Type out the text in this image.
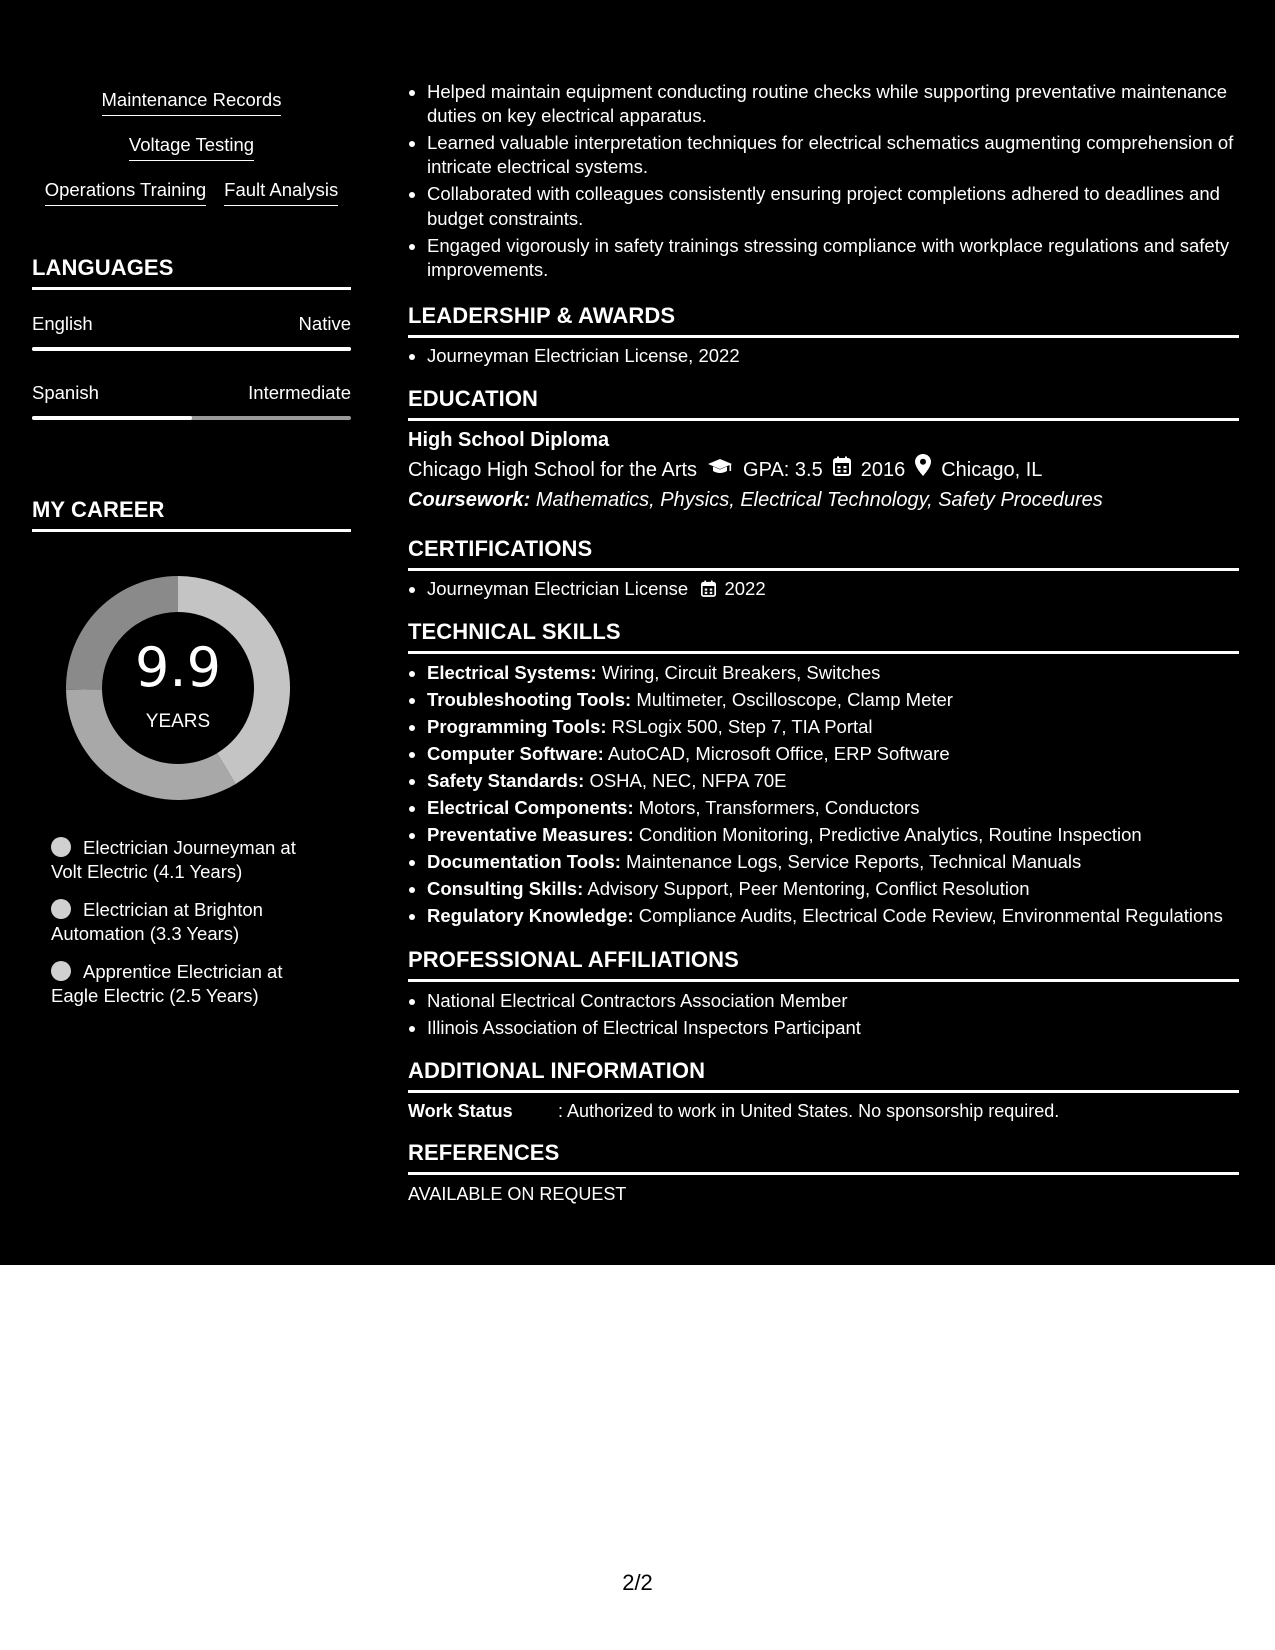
Maintenance Records
Voltage Testing
Operations Training Fault Analysis
LANGUAGES
English	Native
Spanish	Intermediate
MY CAREER
9.9
YEARS
Electrician Journeyman at Volt Electric (4.1 Years)
Electrician at Brighton Automation (3.3 Years)
Apprentice Electrician at Eagle Electric (2.5 Years)
Helped maintain equipment conducting routine checks while supporting preventative maintenance duties on key electrical apparatus.
Learned valuable interpretation techniques for electrical schematics augmenting comprehension of intricate electrical systems.
Collaborated with colleagues consistently ensuring project completions adhered to deadlines and budget constraints.
Engaged vigorously in safety trainings stressing compliance with workplace regulations and safety improvements.
LEADERSHIP & AWARDS
Journeyman Electrician License, 2022
EDUCATION
High School Diploma
Chicago High School for the Arts GPA: 3.5 2016 Chicago, IL
Coursework: Mathematics, Physics, Electrical Technology, Safety Procedures
CERTIFICATIONS
Journeyman Electrician License 2022
TECHNICAL SKILLS
Electrical Systems: Wiring, Circuit Breakers, Switches
Troubleshooting Tools: Multimeter, Oscilloscope, Clamp Meter
Programming Tools: RSLogix 500, Step 7, TIA Portal
Computer Software: AutoCAD, Microsoft Office, ERP Software
Safety Standards: OSHA, NEC, NFPA 70E
Electrical Components: Motors, Transformers, Conductors
Preventative Measures: Condition Monitoring, Predictive Analytics, Routine Inspection
Documentation Tools: Maintenance Logs, Service Reports, Technical Manuals
Consulting Skills: Advisory Support, Peer Mentoring, Conflict Resolution
Regulatory Knowledge: Compliance Audits, Electrical Code Review, Environmental Regulations
PROFESSIONAL AFFILIATIONS
National Electrical Contractors Association Member
Illinois Association of Electrical Inspectors Participant
ADDITIONAL INFORMATION
Work Status	: Authorized to work in United States. No sponsorship required.
REFERENCES
AVAILABLE ON REQUEST
2/2
